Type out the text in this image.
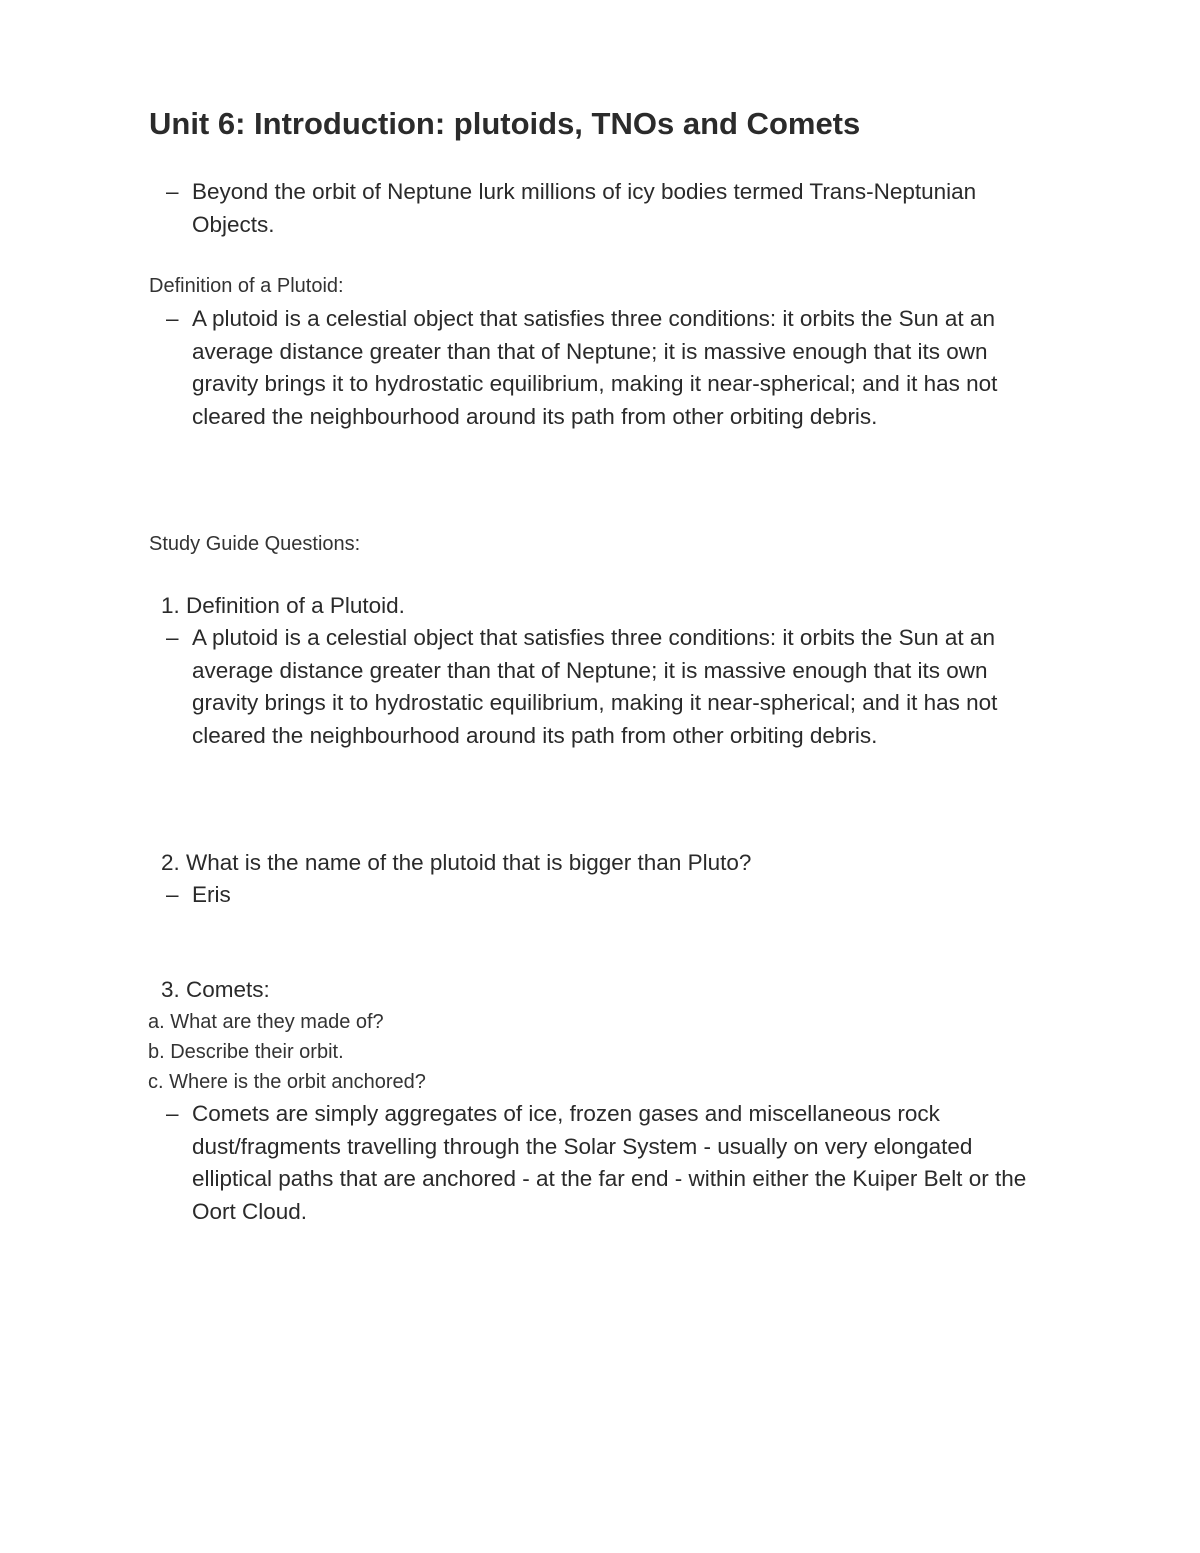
Unit 6: Introduction: plutoids, TNOs and Comets
– Beyond the orbit of Neptune lurk millions of icy bodies termed Trans-Neptunian Objects.
Definition of a Plutoid:
– A plutoid is a celestial object that satisfies three conditions: it orbits the Sun at an average distance greater than that of Neptune; it is massive enough that its own gravity brings it to hydrostatic equilibrium, making it near-spherical; and it has not cleared the neighbourhood around its path from other orbiting debris.
Study Guide Questions:
1. Definition of a Plutoid.
– A plutoid is a celestial object that satisfies three conditions: it orbits the Sun at an average distance greater than that of Neptune; it is massive enough that its own gravity brings it to hydrostatic equilibrium, making it near-spherical; and it has not cleared the neighbourhood around its path from other orbiting debris.
2. What is the name of the plutoid that is bigger than Pluto?
– Eris
3. Comets:
a. What are they made of?
b. Describe their orbit.
c. Where is the orbit anchored?
– Comets are simply aggregates of ice, frozen gases and miscellaneous rock dust/fragments travelling through the Solar System - usually on very elongated elliptical paths that are anchored - at the far end - within either the Kuiper Belt or the Oort Cloud.
